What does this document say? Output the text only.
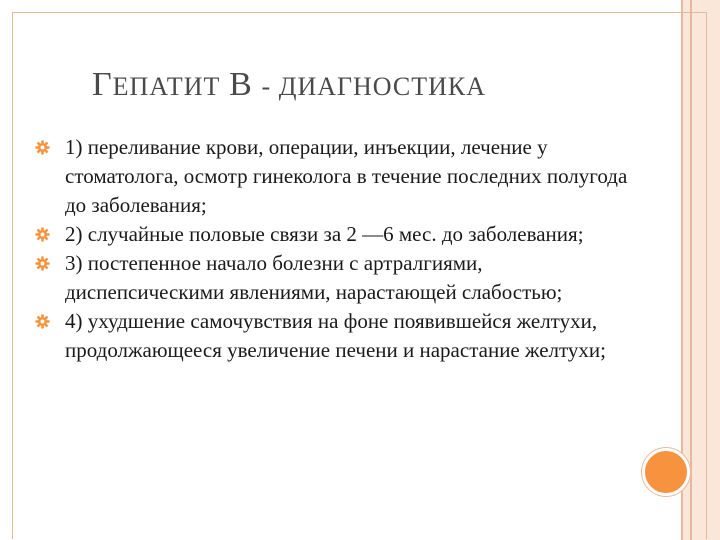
ГЕПАТИТ В - ДИАГНОСТИКА
1) переливание крови, операции, инъекции, лечение у стоматолога, осмотр гинеколога в течение последних полугода до заболевания;
2) случайные половые связи за 2 —6 мес. до заболевания;
3) постепенное начало болезни с артралгиями, диспепсическими явлениями, нарастающей слабостью;
4) ухудшение самочувствия на фоне появившейся желтухи, продолжающееся увеличение печени и нарастание желтухи;
